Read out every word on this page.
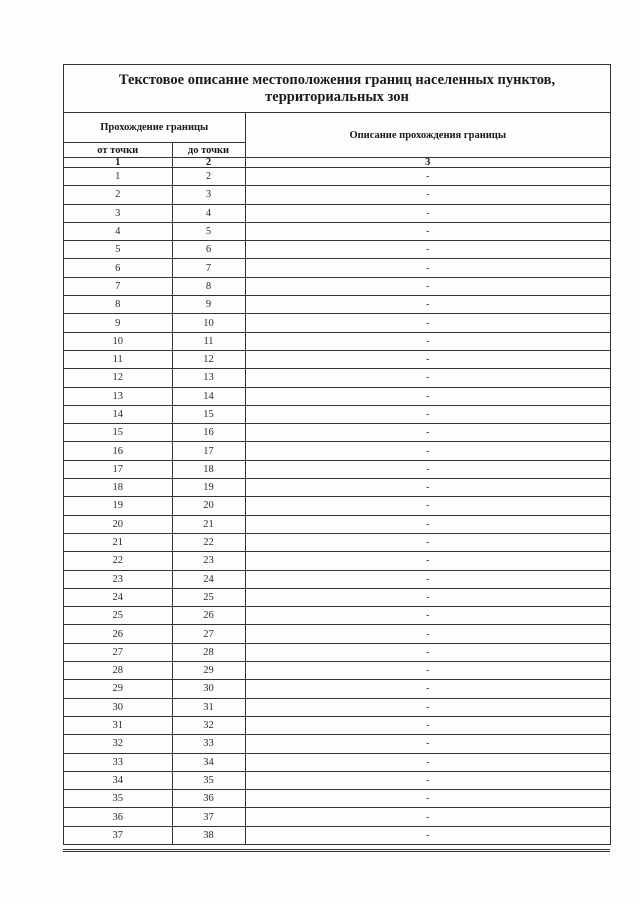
Текстовое описание местоположения границ населенных пунктов,
территориальных зон
Прохождение границы		Описание прохождения границы
от точки	до точки	
1	2	3
1	2	-
2	3	-
3	4	-
4	5	-
5	6	-
6	7	-
7	8	-
8	9	-
9	10	-
10	11	-
11	12	-
12	13	-
13	14	-
14	15	-
15	16	-
16	17	-
17	18	-
18	19	-
19	20	-
20	21	-
21	22	-
22	23	-
23	24	-
24	25	-
25	26	-
26	27	-
27	28	-
28	29	-
29	30	-
30	31	-
31	32	-
32	33	-
33	34	-
34	35	-
35	36	-
36	37	-
37	38	-
